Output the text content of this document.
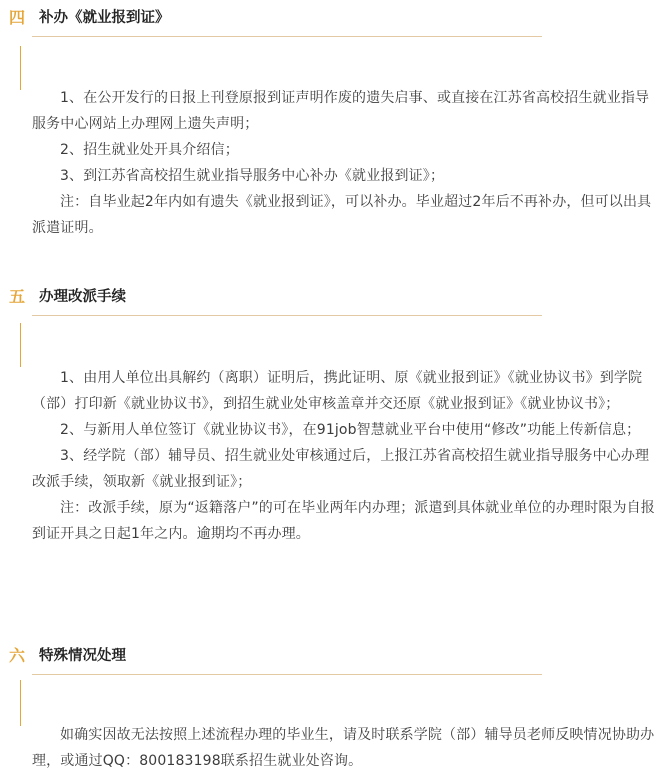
四 补办《就业报到证》

1、在公开发行的日报上刊登原报到证声明作废的遗失启事、或直接在江苏省高校招生就业指导服务中心网站上办理网上遗失声明；

2、招生就业处开具介绍信；

3、到江苏省高校招生就业指导服务中心补办《就业报到证》；

注：自毕业起2年内如有遗失《就业报到证》，可以补办。毕业超过2年后不再补办，但可以出具派遣证明。

五 办理改派手续

1、由用人单位出具解约（离职）证明后，携此证明、原《就业报到证》《就业协议书》到学院（部）打印新《就业协议书》，到招生就业处审核盖章并交还原《就业报到证》《就业协议书》；

2、与新用人单位签订《就业协议书》，在91job智慧就业平台中使用“修改”功能上传新信息；

3、经学院（部）辅导员、招生就业处审核通过后，上报江苏省高校招生就业指导服务中心办理改派手续，领取新《就业报到证》；

注：改派手续，原为“返籍落户”的可在毕业两年内办理；派遣到具体就业单位的办理时限为自报到证开具之日起1年之内。逾期均不再办理。

六 特殊情况处理

如确实因故无法按照上述流程办理的毕业生，请及时联系学院（部）辅导员老师反映情况协助办理，或通过QQ：800183198联系招生就业处咨询。
